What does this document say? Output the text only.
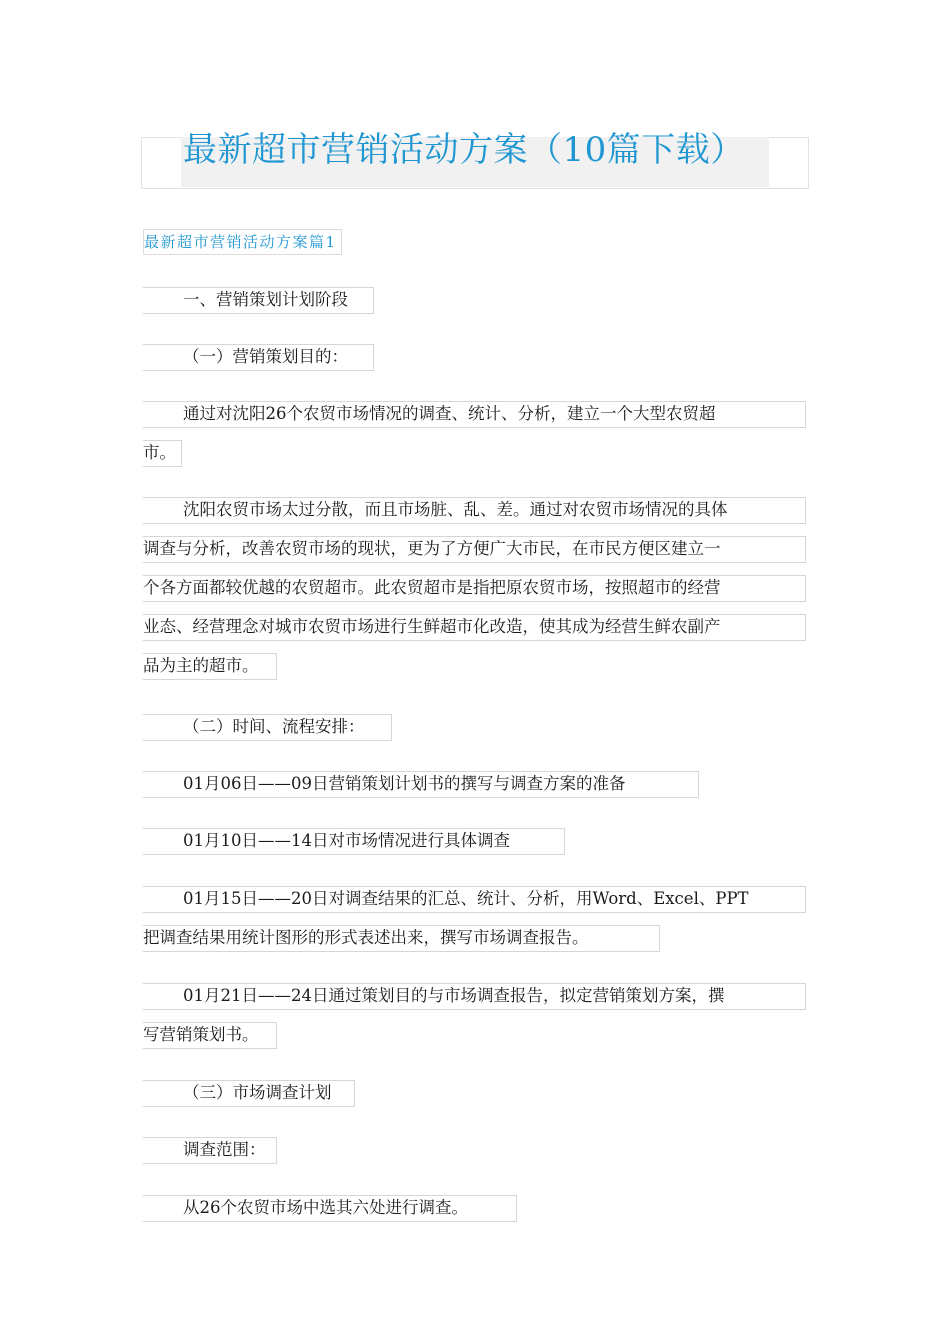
最新超市营销活动方案（10篇下载）
最新超市营销活动方案篇1
一、营销策划计划阶段
（一）营销策划目的：
通过对沈阳26个农贸市场情况的调查、统计、分析，建立一个大型农贸超
市。
沈阳农贸市场太过分散，而且市场脏、乱、差。通过对农贸市场情况的具体
调查与分析，改善农贸市场的现状，更为了方便广大市民，在市民方便区建立一
个各方面都较优越的农贸超市。此农贸超市是指把原农贸市场，按照超市的经营
业态、经营理念对城市农贸市场进行生鲜超市化改造，使其成为经营生鲜农副产
品为主的超市。
（二）时间、流程安排：
01月06日——09日营销策划计划书的撰写与调查方案的准备
01月10日——14日对市场情况进行具体调查
01月15日——20日对调查结果的汇总、统计、分析，用Word、Excel、PPT
把调查结果用统计图形的形式表述出来，撰写市场调查报告。
01月21日——24日通过策划目的与市场调查报告，拟定营销策划方案，撰
写营销策划书。
（三）市场调查计划
调查范围：
从26个农贸市场中选其六处进行调查。
